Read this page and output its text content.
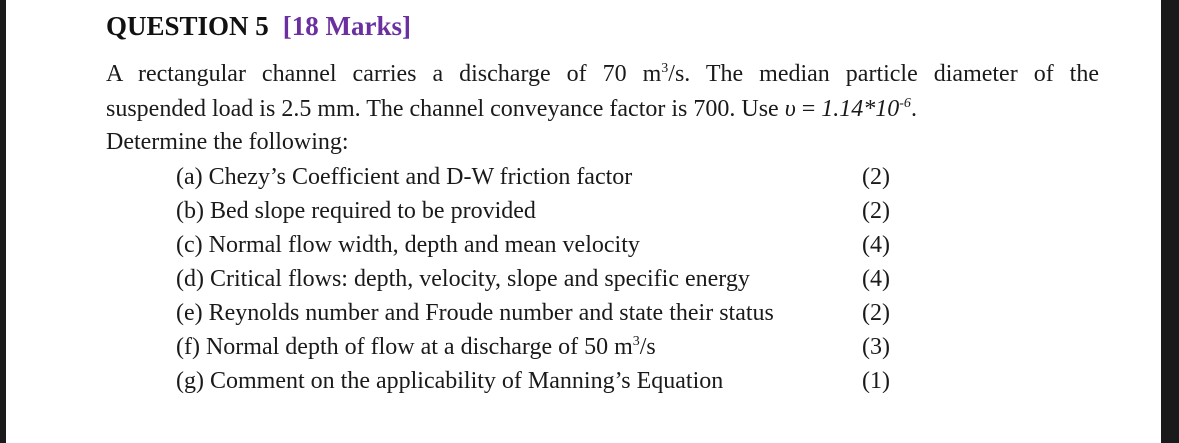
QUESTION 5 [18 Marks]
A rectangular channel carries a discharge of 70 $m^3/s$. The median particle diameter of the
suspended load is 2.5 mm. The channel conveyance factor is 700. Use $\upsilon = 1.14*10^{-6}$.
Determine the following:
(a) Chezy’s Coefficient and D-W friction factor	(2)
(b) Bed slope required to be provided	(2)
(c) Normal flow width, depth and mean velocity	(4)
(d) Critical flows: depth, velocity, slope and specific energy	(4)
(e) Reynolds number and Froude number and state their status	(2)
(f) Normal depth of flow at a discharge of 50 $m^3/s$	(3)
(g) Comment on the applicability of Manning’s Equation	(1)
